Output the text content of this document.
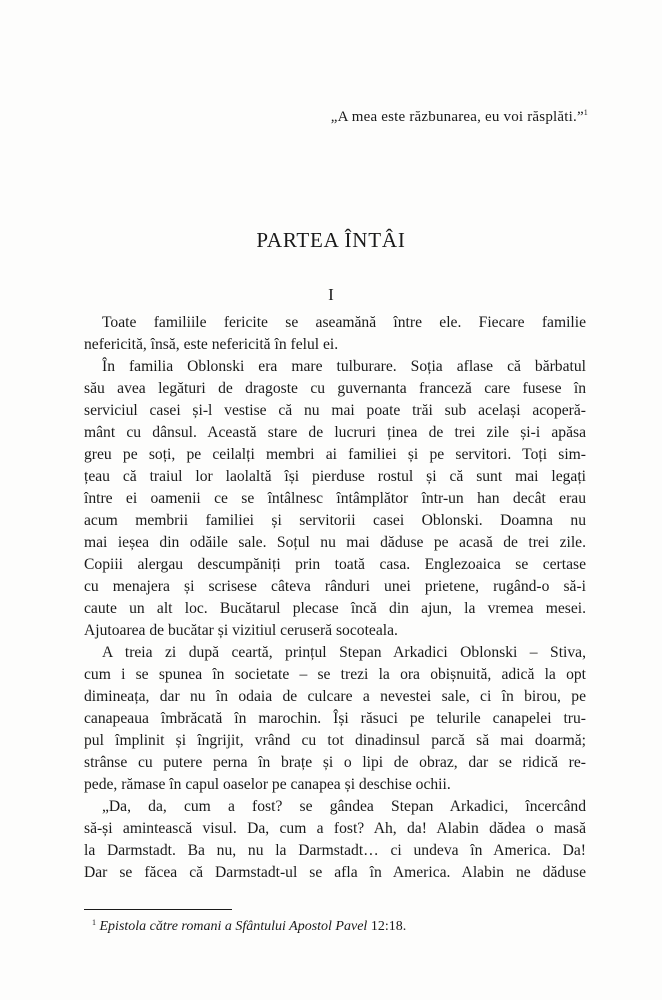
„A mea este răzbunarea, eu voi răsplăti.”$^1$
PARTEA ÎNTÂI
I
Toate familiile fericite se aseamănă între ele. Fiecare familie
nefericită, însă, este nefericită în felul ei.
În familia Oblonski era mare tulburare. Soția aflase că bărbatul
său avea legături de dragoste cu guvernanta franceză care fusese în
serviciul casei și-l vestise că nu mai poate trăi sub același acoperă-
mânt cu dânsul. Această stare de lucruri ținea de trei zile și-i apăsa
greu pe soți, pe ceilalți membri ai familiei și pe servitori. Toți sim-
țeau că traiul lor laolaltă își pierduse rostul și că sunt mai legați
între ei oamenii ce se întâlnesc întâmplător într-un han decât erau
acum membrii familiei și servitorii casei Oblonski. Doamna nu
mai ieșea din odăile sale. Soțul nu mai dăduse pe acasă de trei zile.
Copiii alergau descumpăniți prin toată casa. Englezoaica se certase
cu menajera și scrisese câteva rânduri unei prietene, rugând-o să-i
caute un alt loc. Bucătarul plecase încă din ajun, la vremea mesei.
Ajutoarea de bucătar și vizitiul ceruseră socoteala.
A treia zi după ceartă, prințul Stepan Arkadici Oblonski – Stiva,
cum i se spunea în societate – se trezi la ora obișnuită, adică la opt
dimineața, dar nu în odaia de culcare a nevestei sale, ci în birou, pe
canapeaua îmbrăcată în marochin. Își răsuci pe telurile canapelei tru-
pul împlinit și îngrijit, vrând cu tot dinadinsul parcă să mai doarmă;
strânse cu putere perna în brațe și o lipi de obraz, dar se ridică re-
pede, rămase în capul oaselor pe canapea și deschise ochii.
„Da, da, cum a fost? se gândea Stepan Arkadici, încercând
să-și amintească visul. Da, cum a fost? Ah, da! Alabin dădea o masă
la Darmstadt. Ba nu, nu la Darmstadt… ci undeva în America. Da!
Dar se făcea că Darmstadt-ul se afla în America. Alabin ne dăduse
$^1$ Epistola către romani a Sfântului Apostol Pavel 12:18.
